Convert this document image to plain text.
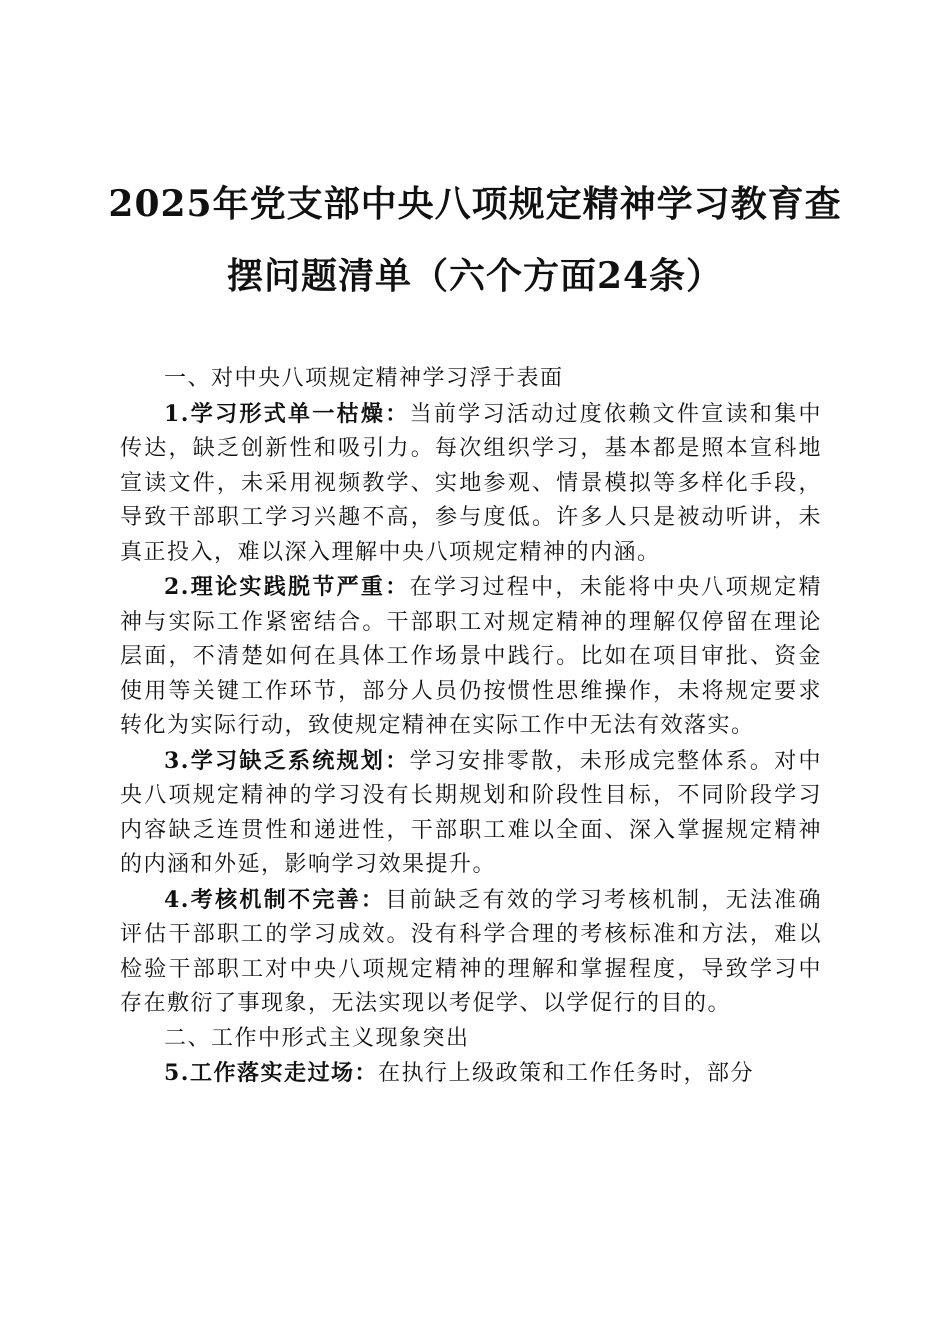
2025年党支部中央八项规定精神学习教育查
摆问题清单（六个方面24条）

一、对中央八项规定精神学习浮于表面

1.学习形式单一枯燥：当前学习活动过度依赖文件宣读和集中传达，缺乏创新性和吸引力。每次组织学习，基本都是照本宣科地宣读文件，未采用视频教学、实地参观、情景模拟等多样化手段，导致干部职工学习兴趣不高，参与度低。许多人只是被动听讲，未真正投入，难以深入理解中央八项规定精神的内涵。

2.理论实践脱节严重：在学习过程中，未能将中央八项规定精神与实际工作紧密结合。干部职工对规定精神的理解仅停留在理论层面，不清楚如何在具体工作场景中践行。比如在项目审批、资金使用等关键工作环节，部分人员仍按惯性思维操作，未将规定要求转化为实际行动，致使规定精神在实际工作中无法有效落实。

3.学习缺乏系统规划：学习安排零散，未形成完整体系。对中央八项规定精神的学习没有长期规划和阶段性目标，不同阶段学习内容缺乏连贯性和递进性，干部职工难以全面、深入掌握规定精神的内涵和外延，影响学习效果提升。

4.考核机制不完善：目前缺乏有效的学习考核机制，无法准确评估干部职工的学习成效。没有科学合理的考核标准和方法，难以检验干部职工对中央八项规定精神的理解和掌握程度，导致学习中存在敷衍了事现象，无法实现以考促学、以学促行的目的。

二、工作中形式主义现象突出

5.工作落实走过场：在执行上级政策和工作任务时，部分
